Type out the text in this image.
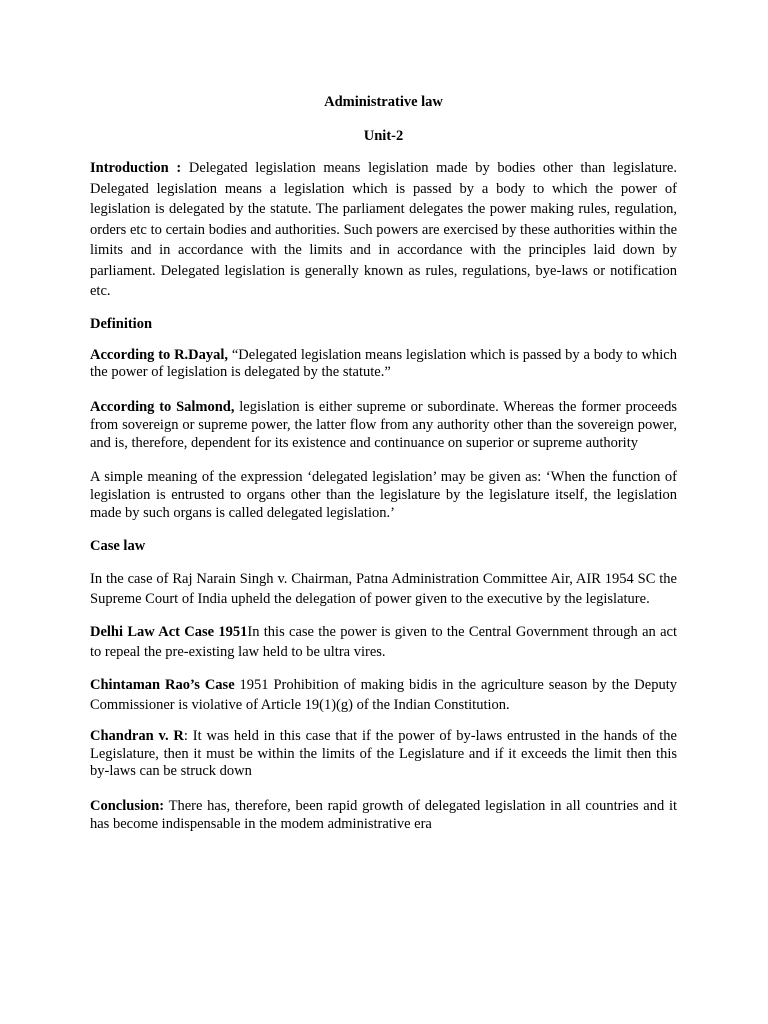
Administrative law

Unit-2

Introduction : Delegated legislation means legislation made by bodies other than legislature. Delegated legislation means a legislation which is passed by a body to which the power of legislation is delegated by the statute. The parliament delegates the power making rules, regulation, orders etc to certain bodies and authorities. Such powers are exercised by these authorities within the limits and in accordance with the limits and in accordance with the principles laid down by parliament. Delegated legislation is generally known as rules, regulations, bye-laws or notification etc.

Definition

According to R.Dayal, “Delegated legislation means legislation which is passed by a body to which the power of legislation is delegated by the statute.”

According to Salmond, legislation is either supreme or subordinate. Whereas the former proceeds from sovereign or supreme power, the latter flow from any authority other than the sovereign power, and is, therefore, dependent for its existence and continuance on superior or supreme authority

A simple meaning of the expression ‘delegated legislation’ may be given as: ‘When the function of legislation is entrusted to organs other than the legislature by the legislature itself, the legislation made by such organs is called delegated legislation.’

Case law

In the case of Raj Narain Singh v. Chairman, Patna Administration Committee Air, AIR 1954 SC the Supreme Court of India upheld the delegation of power given to the executive by the legislature.

Delhi Law Act Case 1951In this case the power is given to the Central Government through an act to repeal the pre-existing law held to be ultra vires.

Chintaman Rao’s Case 1951 Prohibition of making bidis in the agriculture season by the Deputy Commissioner is violative of Article 19(1)(g) of the Indian Constitution.

Chandran v. R: It was held in this case that if the power of by-laws entrusted in the hands of the Legislature, then it must be within the limits of the Legislature and if it exceeds the limit then this by-laws can be struck down

Conclusion: There has, therefore, been rapid growth of delegated legislation in all countries and it has become indispensable in the modem administrative era
